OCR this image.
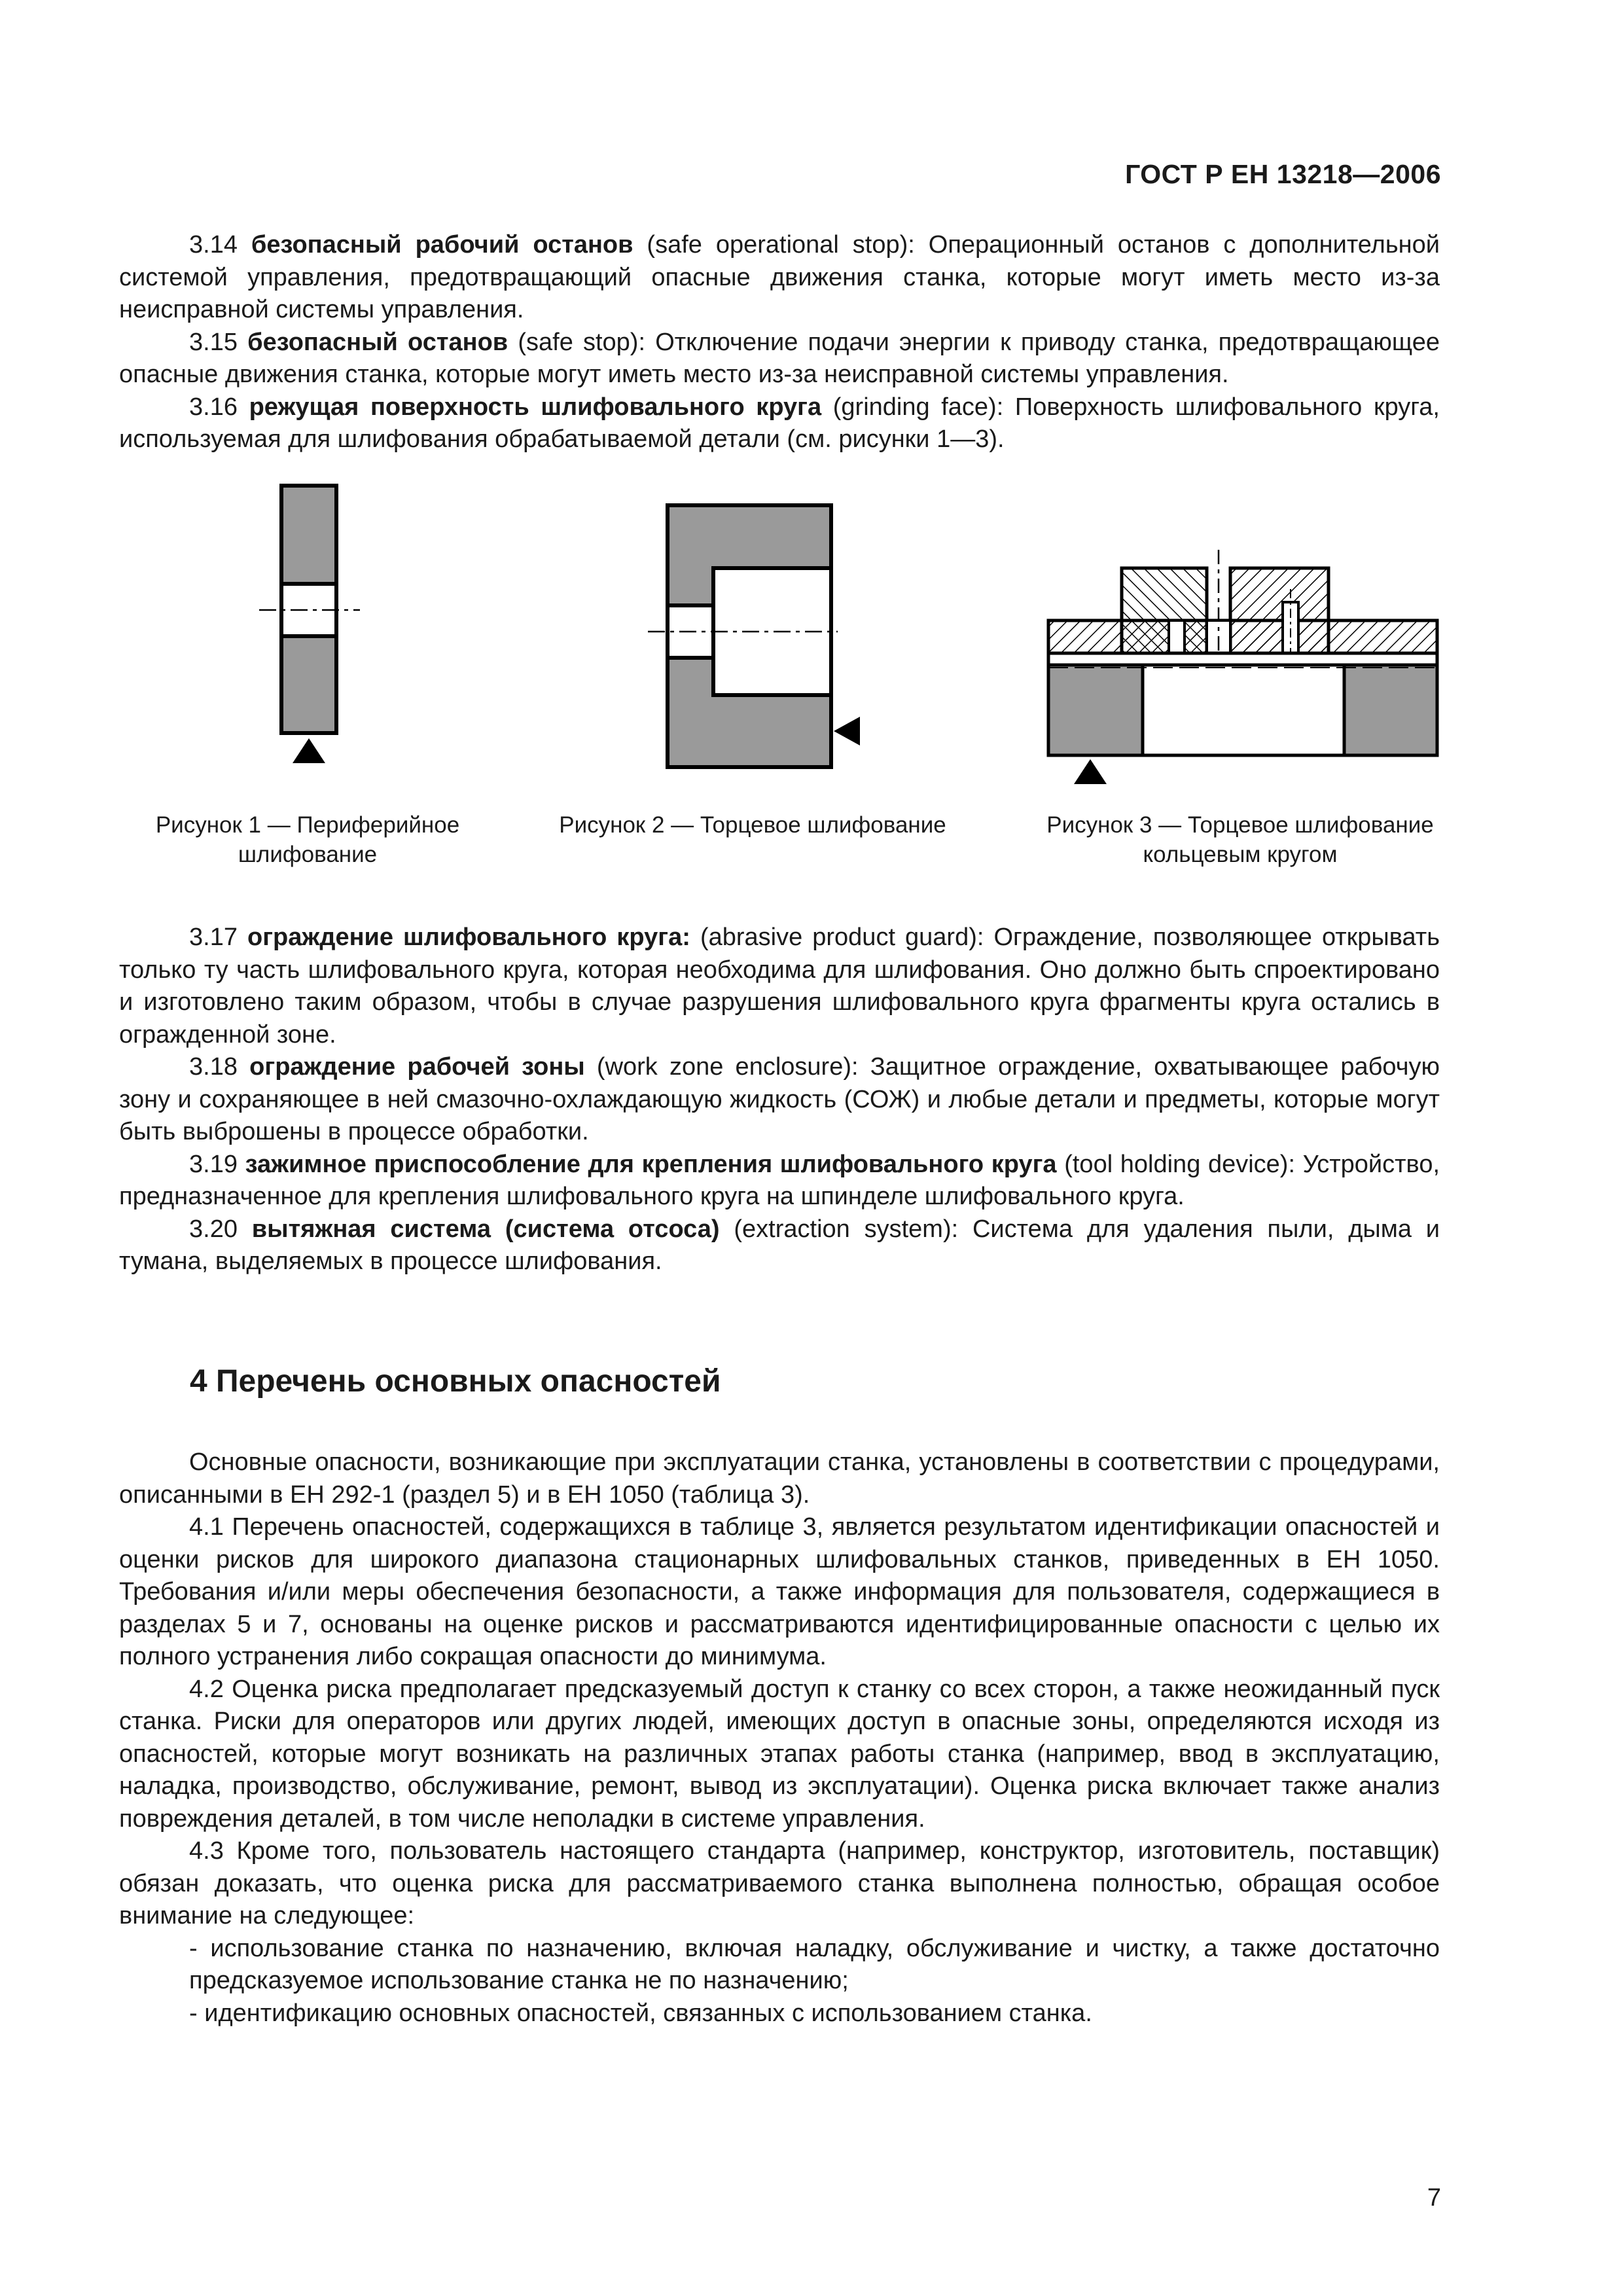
ГОСТ Р ЕН 13218—2006

3.14 безопасный рабочий останов (safe operational stop): Операционный останов с дополнительной системой управления, предотвращающий опасные движения станка, которые могут иметь место из-за неисправной системы управления.

3.15 безопасный останов (safe stop): Отключение подачи энергии к приводу станка, предотвращающее опасные движения станка, которые могут иметь место из-за неисправной системы управления.

3.16 режущая поверхность шлифовального круга (grinding face): Поверхность шлифовального круга, используемая для шлифования обрабатываемой детали (см. рисунки 1—3).

Рисунок 1 — Периферийное шлифование
Рисунок 2 — Торцевое шлифование	Рисунок 3 — Торцевое шлифование кольцевым кругом

3.17 ограждение шлифовального круга: (abrasive product guard): Ограждение, позволяющее открывать только ту часть шлифовального круга, которая необходима для шлифования. Оно должно быть спроектировано и изготовлено таким образом, чтобы в случае разрушения шлифовального круга фрагменты круга остались в огражденной зоне.

3.18 ограждение рабочей зоны (work zone enclosure): Защитное ограждение, охватывающее рабочую зону и сохраняющее в ней смазочно-охлаждающую жидкость (СОЖ) и любые детали и предметы, которые могут быть выброшены в процессе обработки.

3.19 зажимное приспособление для крепления шлифовального круга (tool holding device): Устройство, предназначенное для крепления шлифовального круга на шпинделе шлифовального круга.

3.20 вытяжная система (система отсоса) (extraction system): Система для удаления пыли, дыма и тумана, выделяемых в процессе шлифования.

4 Перечень основных опасностей

Основные опасности, возникающие при эксплуатации станка, установлены в соответствии с процедурами, описанными в ЕН 292-1 (раздел 5) и в ЕН 1050 (таблица 3).

4.1 Перечень опасностей, содержащихся в таблице 3, является результатом идентификации опасностей и оценки рисков для широкого диапазона стационарных шлифовальных станков, приведенных в ЕН 1050. Требования и/или меры обеспечения безопасности, а также информация для пользователя, содержащиеся в разделах 5 и 7, основаны на оценке рисков и рассматриваются идентифицированные опасности с целью их полного устранения либо сокращая опасности до минимума.

4.2 Оценка риска предполагает предсказуемый доступ к станку со всех сторон, а также неожиданный пуск станка. Риски для операторов или других людей, имеющих доступ в опасные зоны, определяются исходя из опасностей, которые могут возникать на различных этапах работы станка (например, ввод в эксплуатацию, наладка, производство, обслуживание, ремонт, вывод из эксплуатации). Оценка риска включает также анализ повреждения деталей, в том числе неполадки в системе управления.

4.3 Кроме того, пользователь настоящего стандарта (например, конструктор, изготовитель, поставщик) обязан доказать, что оценка риска для рассматриваемого станка выполнена полностью, обращая особое внимание на следующее:

- использование станка по назначению, включая наладку, обслуживание и чистку, а также достаточно предсказуемое использование станка не по назначению;

- идентификацию основных опасностей, связанных с использованием станка.

7
